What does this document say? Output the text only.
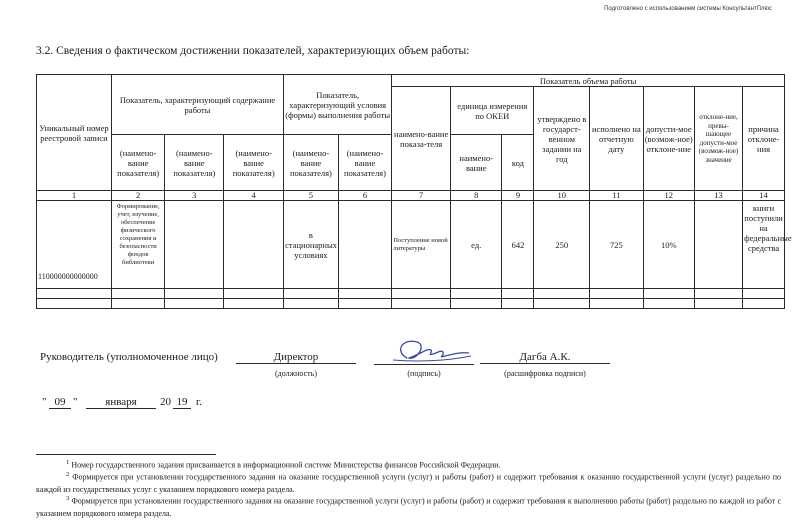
Подготовлено с использованием системы КонсультантПлюс
3.2. Сведения о фактическом достижении показателей, характеризующих объем работы:
Уникальный номер реестровой записи	Показатель, характеризующий содержание работы			Показатель, характеризующий условия (формы) выполнения работы		Показатель объема работы							
						наимено-вание показа-теля	единица измерения по ОКЕИ		утверждено в государст-венном задании на год	исполнено на отчетную дату	допусти-мое (возмож-ное) отклоне-ние	отклоне-ние, превы-шающее допусти-мое (возмож-ное) значение	причина отклоне-ния
	(наимено-вание показателя)	(наимено-вание показателя)	(наимено-вание показателя)	(наимено-вание показателя)	(наимено-вание показателя)		наимено-вание	код					
1	2	3	4	5	6	7	8	9	10	11	12	13	14
110000000000000	Формирование, учет, изучение, обеспечение физического сохранения и безопасности фондов библиотеки			в стационарных условиях		Поступление новой литературы	ед.	642	250	725	10%		книги поступили на федеральные средства

Руководитель (уполномоченное лицо)	Директор
(должность)	(подпись)
Дагба А.К.
(расшифровка подписи)
" 09 "	января	20 19 г.
$^1$ Номер государственного задания присваивается в информационной системе Министерства финансов Российской Федерации.
$^2$ Формируется при установлении государственного задания на оказание государственной услуги (услуг) и работы (работ) и содержит требования к оказанию государственной услуги (услуг) раздельно по каждой из государственных услуг с указанием порядкового номера раздела.
$^3$ Формируется при установлении государственного задания на оказание государственной услуги (услуг) и работы (работ) и содержит требования к выполнению работы (работ) раздельно по каждой из работ с указанием порядкового номера раздела.
